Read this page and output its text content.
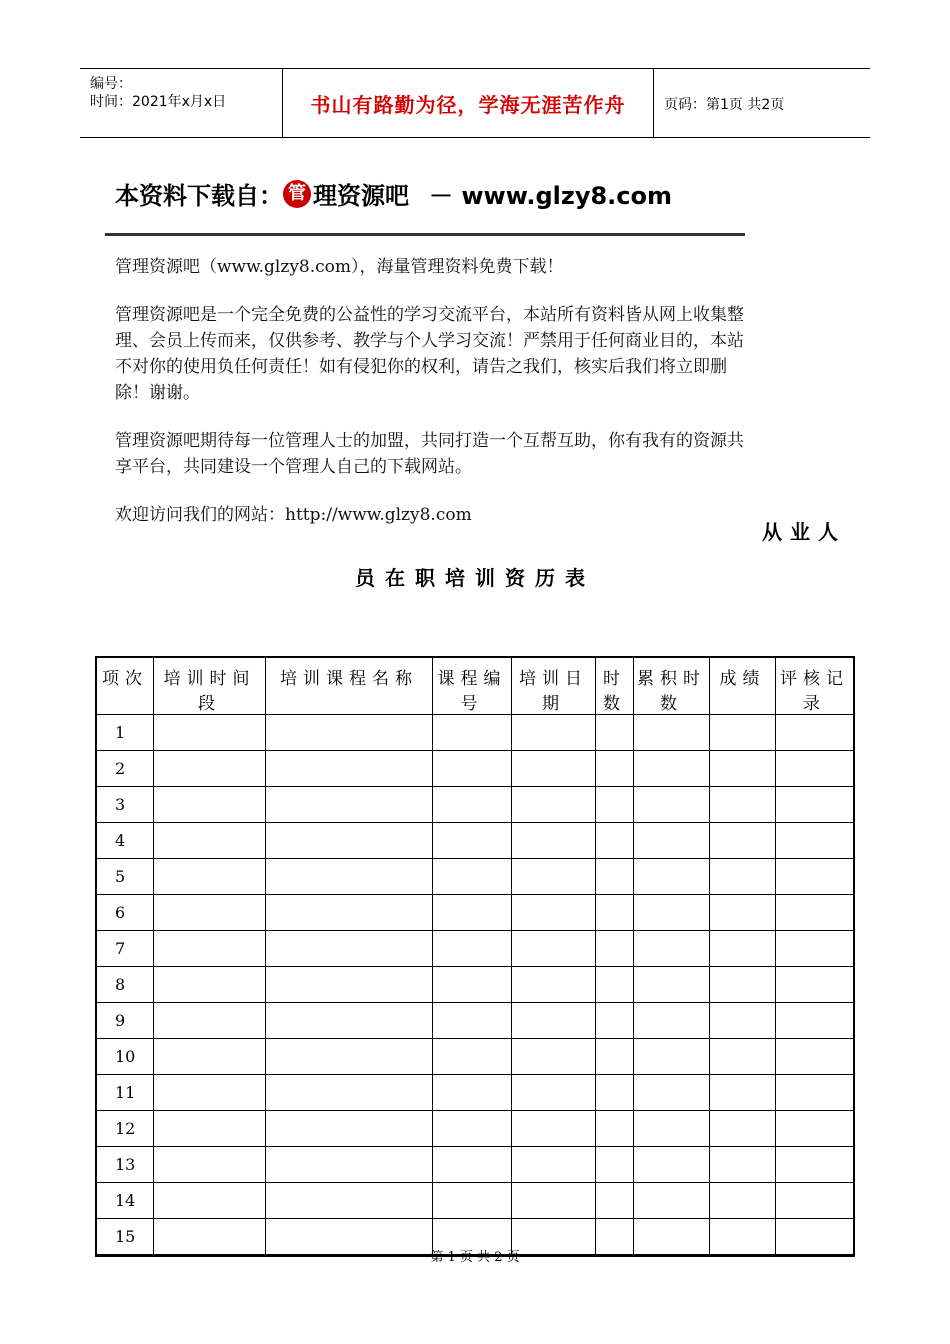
编号：
时间：2021年x月x日	书山有路勤为径，学海无涯苦作舟	页码：第1页 共2页
本资料下载自： 管 理资源吧 － www.glzy8.com
管理资源吧（www.glzy8.com），海量管理资料免费下载！
管理资源吧是一个完全免费的公益性的学习交流平台，本站所有资料皆从网上收集整理、会员上传而来，仅供参考、教学与个人学习交流！严禁用于任何商业目的，本站不对你的使用负任何责任！如有侵犯你的权利，请告之我们，核实后我们将立即删除！谢谢。
管理资源吧期待每一位管理人士的加盟，共同打造一个互帮互助，你有我有的资源共享平台，共同建设一个管理人自己的下载网站。
欢迎访问我们的网站：http://www.glzy8.com
从业人
员在职培训资历表
项次	培训时间段	培训课程名称	课程编号	培训日期	时数	累积时数	成绩	评核记录
1								
2								
3								
4								
5								
6								
7								
8								
9								
10								
11								
12								
13								
14								
15								
第 1 页 共 2 页
